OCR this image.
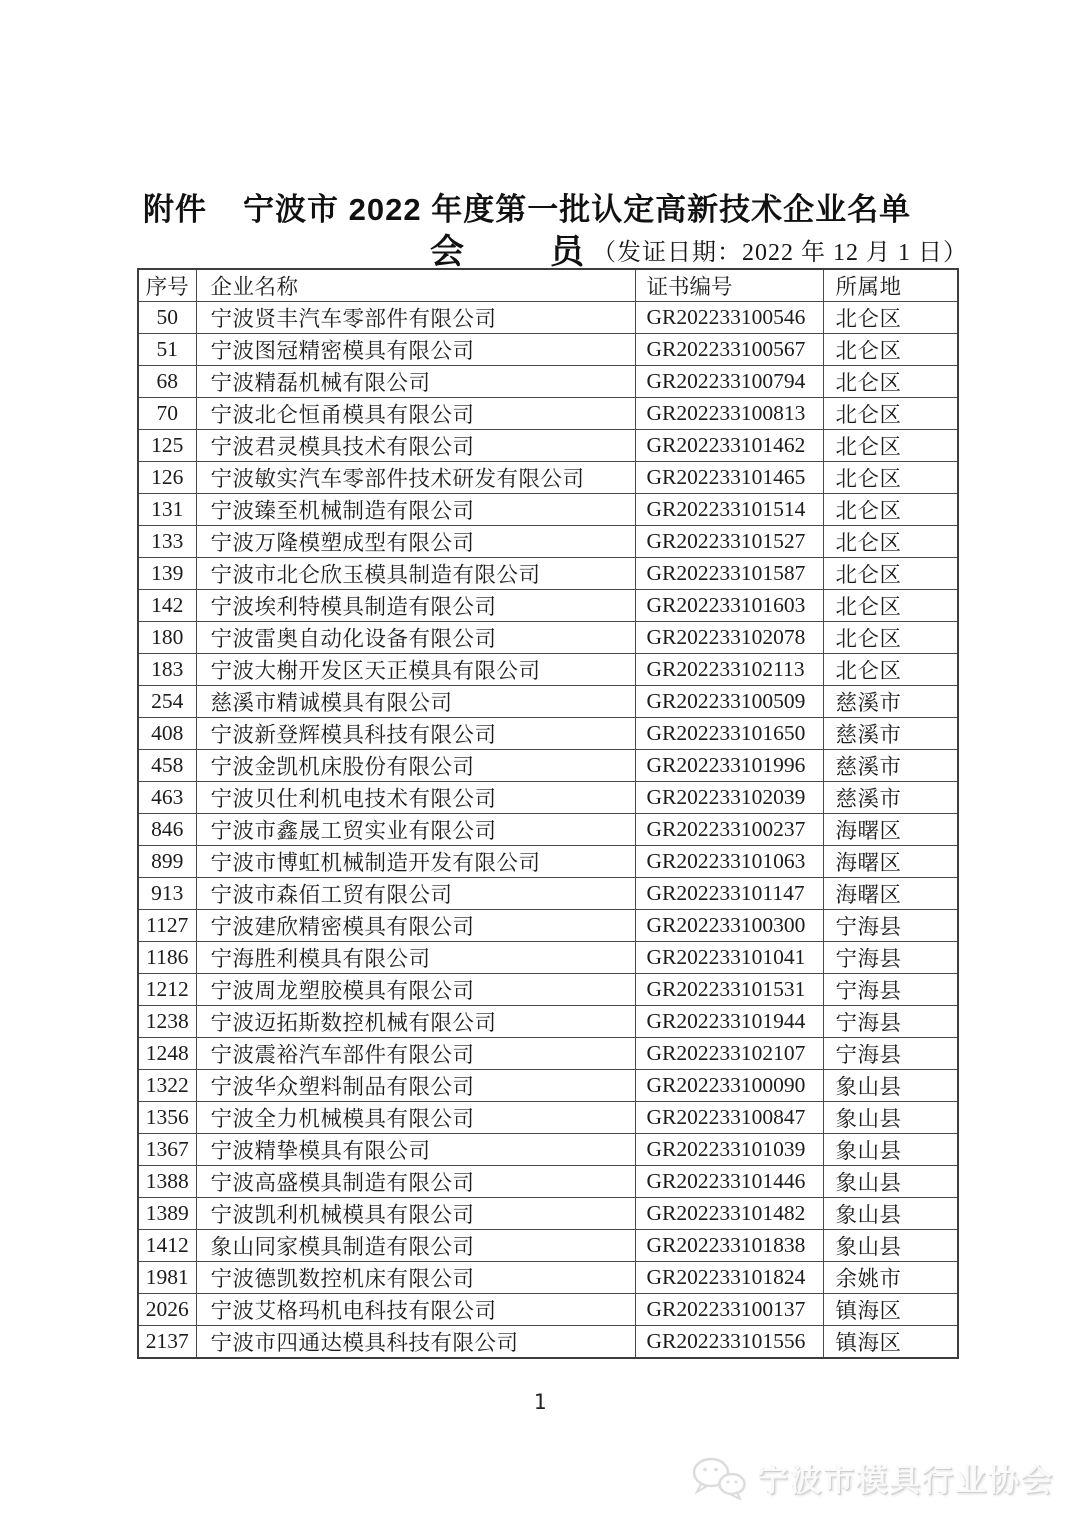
附件 宁波市 2022 年度第一批认定高新技术企业名单
会　员
（发证日期：2022 年 12 月 1 日）
序号	企业名称	证书编号	所属地
50	宁波贤丰汽车零部件有限公司	GR202233100546	北仑区
51	宁波图冠精密模具有限公司	GR202233100567	北仑区
68	宁波精磊机械有限公司	GR202233100794	北仑区
70	宁波北仑恒甬模具有限公司	GR202233100813	北仑区
125	宁波君灵模具技术有限公司	GR202233101462	北仑区
126	宁波敏实汽车零部件技术研发有限公司	GR202233101465	北仑区
131	宁波臻至机械制造有限公司	GR202233101514	北仑区
133	宁波万隆模塑成型有限公司	GR202233101527	北仑区
139	宁波市北仑欣玉模具制造有限公司	GR202233101587	北仑区
142	宁波埃利特模具制造有限公司	GR202233101603	北仑区
180	宁波雷奥自动化设备有限公司	GR202233102078	北仑区
183	宁波大榭开发区天正模具有限公司	GR202233102113	北仑区
254	慈溪市精诚模具有限公司	GR202233100509	慈溪市
408	宁波新登辉模具科技有限公司	GR202233101650	慈溪市
458	宁波金凯机床股份有限公司	GR202233101996	慈溪市
463	宁波贝仕利机电技术有限公司	GR202233102039	慈溪市
846	宁波市鑫晟工贸实业有限公司	GR202233100237	海曙区
899	宁波市博虹机械制造开发有限公司	GR202233101063	海曙区
913	宁波市森佰工贸有限公司	GR202233101147	海曙区
1127	宁波建欣精密模具有限公司	GR202233100300	宁海县
1186	宁海胜利模具有限公司	GR202233101041	宁海县
1212	宁波周龙塑胶模具有限公司	GR202233101531	宁海县
1238	宁波迈拓斯数控机械有限公司	GR202233101944	宁海县
1248	宁波震裕汽车部件有限公司	GR202233102107	宁海县
1322	宁波华众塑料制品有限公司	GR202233100090	象山县
1356	宁波全力机械模具有限公司	GR202233100847	象山县
1367	宁波精挚模具有限公司	GR202233101039	象山县
1388	宁波高盛模具制造有限公司	GR202233101446	象山县
1389	宁波凯利机械模具有限公司	GR202233101482	象山县
1412	象山同家模具制造有限公司	GR202233101838	象山县
1981	宁波德凯数控机床有限公司	GR202233101824	余姚市
2026	宁波艾格玛机电科技有限公司	GR202233100137	镇海区
2137	宁波市四通达模具科技有限公司	GR202233101556	镇海区
1
宁波市模具行业协会
